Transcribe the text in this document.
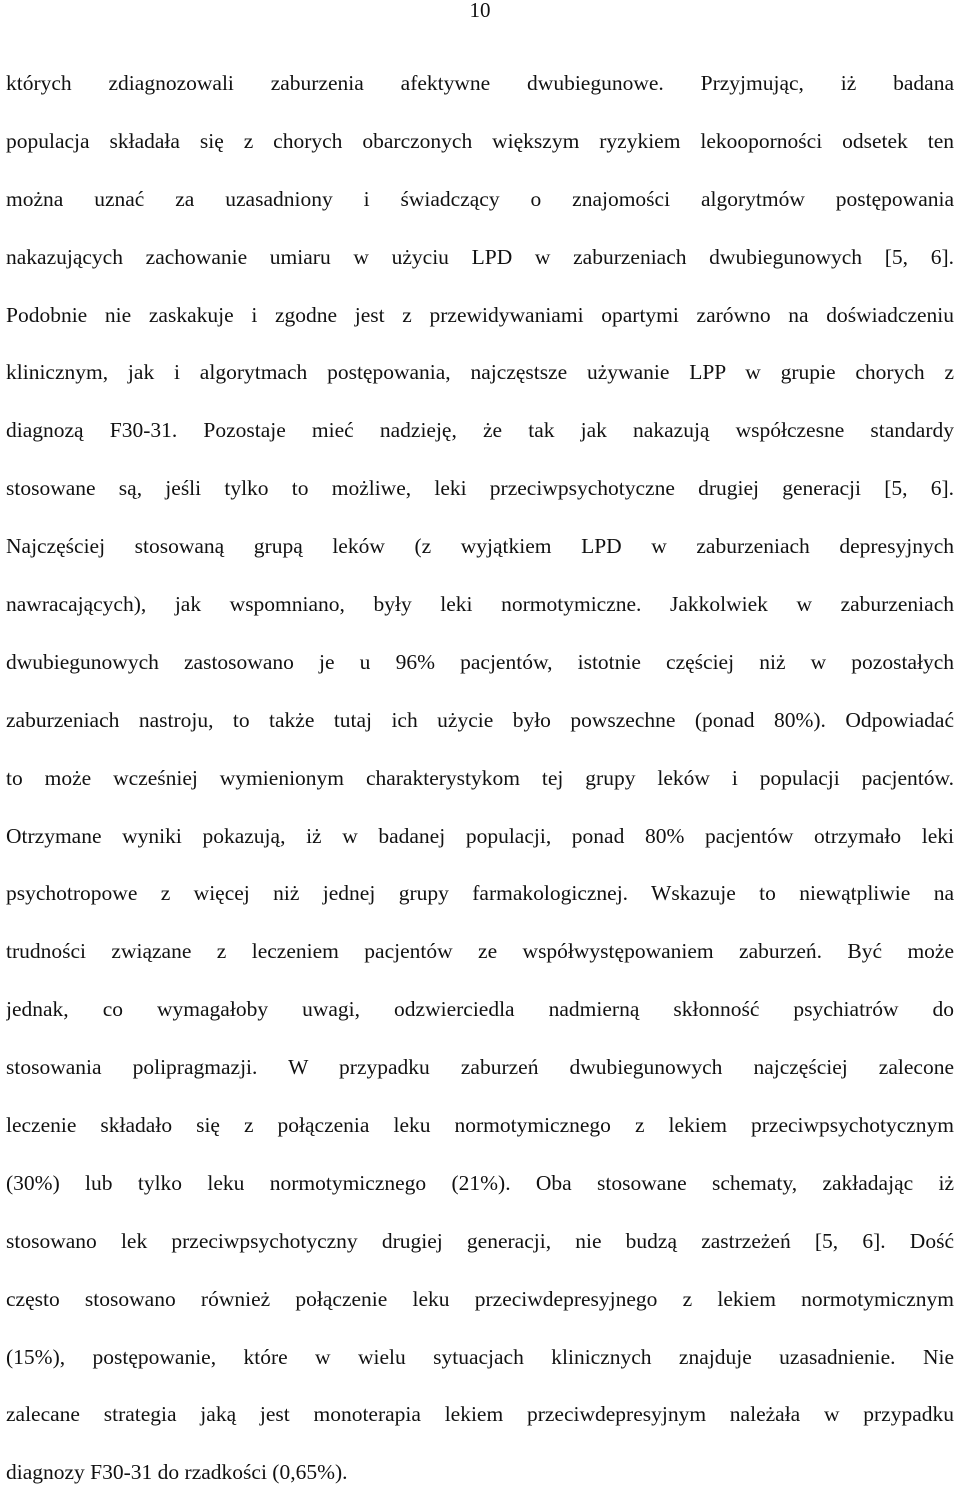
10
których zdiagnozowali zaburzenia afektywne dwubiegunowe. Przyjmując, iż badana
populacja składała się z chorych obarczonych większym ryzykiem lekooporności odsetek ten
można uznać za uzasadniony i świadczący o znajomości algorytmów postępowania
nakazujących zachowanie umiaru w użyciu LPD w zaburzeniach dwubiegunowych [5, 6].
Podobnie nie zaskakuje i zgodne jest z przewidywaniami opartymi zarówno na doświadczeniu
klinicznym, jak i algorytmach postępowania, najczęstsze używanie LPP w grupie chorych z
diagnozą F30-31. Pozostaje mieć nadzieję, że tak jak nakazują współczesne standardy
stosowane są, jeśli tylko to możliwe, leki przeciwpsychotyczne drugiej generacji [5, 6].
Najczęściej stosowaną grupą leków (z wyjątkiem LPD w zaburzeniach depresyjnych
nawracających), jak wspomniano, były leki normotymiczne. Jakkolwiek w zaburzeniach
dwubiegunowych zastosowano je u 96% pacjentów, istotnie częściej niż w pozostałych
zaburzeniach nastroju, to także tutaj ich użycie było powszechne (ponad 80%). Odpowiadać
to może wcześniej wymienionym charakterystykom tej grupy leków i populacji pacjentów.
Otrzymane wyniki pokazują, iż w badanej populacji, ponad 80% pacjentów otrzymało leki
psychotropowe z więcej niż jednej grupy farmakologicznej. Wskazuje to niewątpliwie na
trudności związane z leczeniem pacjentów ze współwystępowaniem zaburzeń. Być może
jednak, co wymagałoby uwagi, odzwierciedla nadmierną skłonność psychiatrów do
stosowania polipragmazji. W przypadku zaburzeń dwubiegunowych najczęściej zalecone
leczenie składało się z połączenia leku normotymicznego z lekiem przeciwpsychotycznym
(30%) lub tylko leku normotymicznego (21%). Oba stosowane schematy, zakładając iż
stosowano lek przeciwpsychotyczny drugiej generacji, nie budzą zastrzeżeń [5, 6]. Dość
często stosowano również połączenie leku przeciwdepresyjnego z lekiem normotymicznym
(15%), postępowanie, które w wielu sytuacjach klinicznych znajduje uzasadnienie. Nie
zalecane strategia jaką jest monoterapia lekiem przeciwdepresyjnym należała w przypadku
diagnozy F30-31 do rzadkości (0,65%).
